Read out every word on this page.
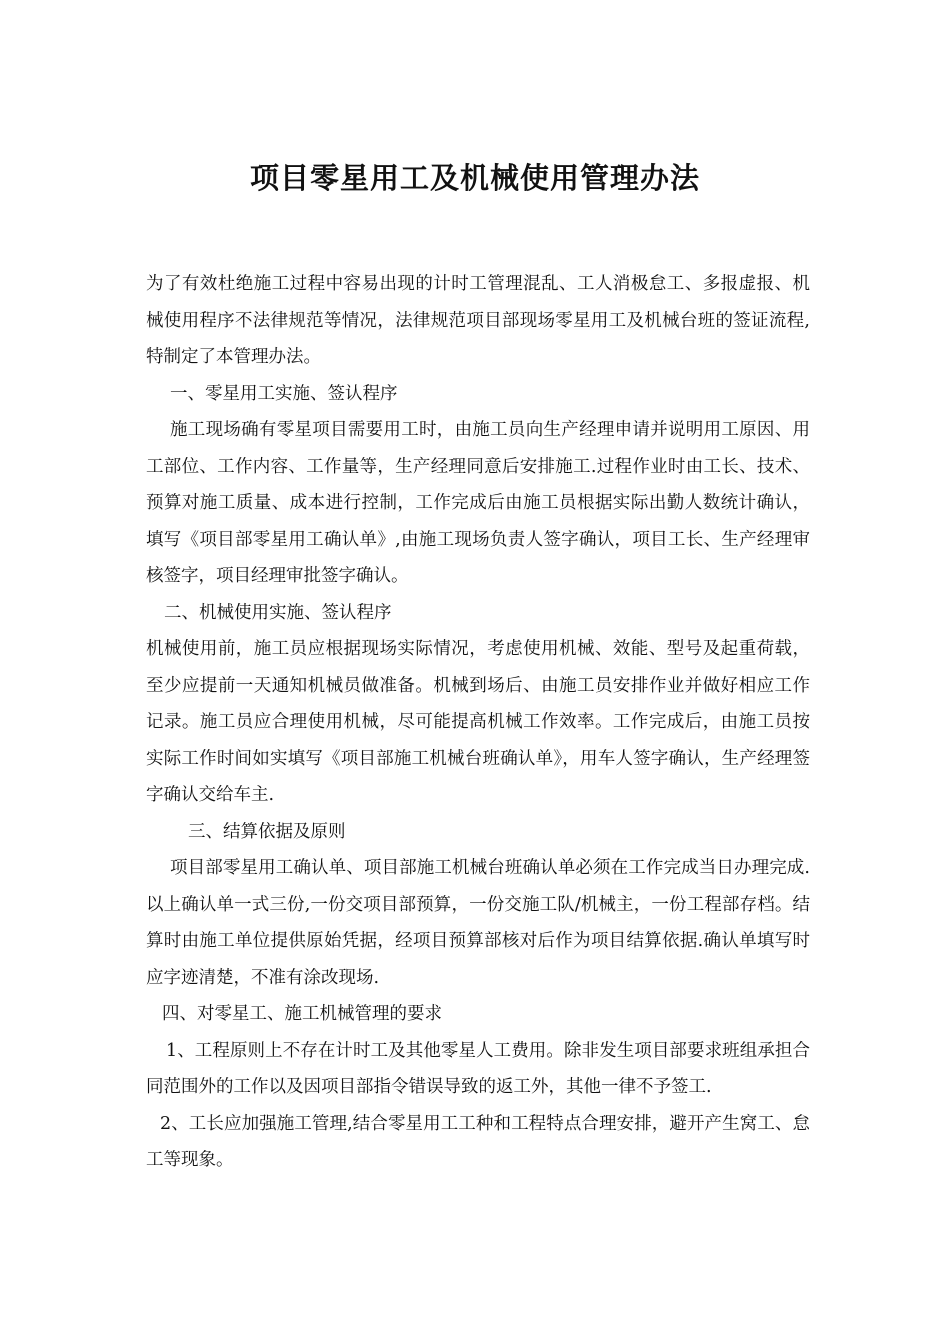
项目零星用工及机械使用管理办法

为了有效杜绝施工过程中容易出现的计时工管理混乱、工人消极怠工、多报虚报、机械使用程序不法律规范等情况，法律规范项目部现场零星用工及机械台班的签证流程,特制定了本管理办法。

一、零星用工实施、签认程序

施工现场确有零星项目需要用工时，由施工员向生产经理申请并说明用工原因、用工部位、工作内容、工作量等，生产经理同意后安排施工.过程作业时由工长、技术、预算对施工质量、成本进行控制，工作完成后由施工员根据实际出勤人数统计确认，填写《项目部零星用工确认单》,由施工现场负责人签字确认，项目工长、生产经理审核签字，项目经理审批签字确认。

二、机械使用实施、签认程序

机械使用前，施工员应根据现场实际情况，考虑使用机械、效能、型号及起重荷载，至少应提前一天通知机械员做准备。机械到场后、由施工员安排作业并做好相应工作记录。施工员应合理使用机械，尽可能提高机械工作效率。工作完成后，由施工员按实际工作时间如实填写《项目部施工机械台班确认单》，用车人签字确认，生产经理签字确认交给车主.

三、结算依据及原则

项目部零星用工确认单、项目部施工机械台班确认单必须在工作完成当日办理完成.以上确认单一式三份,一份交项目部预算，一份交施工队/机械主，一份工程部存档。结算时由施工单位提供原始凭据，经项目预算部核对后作为项目结算依据.确认单填写时应字迹清楚，不准有涂改现场.

四、对零星工、施工机械管理的要求

1、工程原则上不存在计时工及其他零星人工费用。除非发生项目部要求班组承担合同范围外的工作以及因项目部指令错误导致的返工外，其他一律不予签工.

2、工长应加强施工管理,结合零星用工工种和工程特点合理安排，避开产生窝工、怠工等现象。
